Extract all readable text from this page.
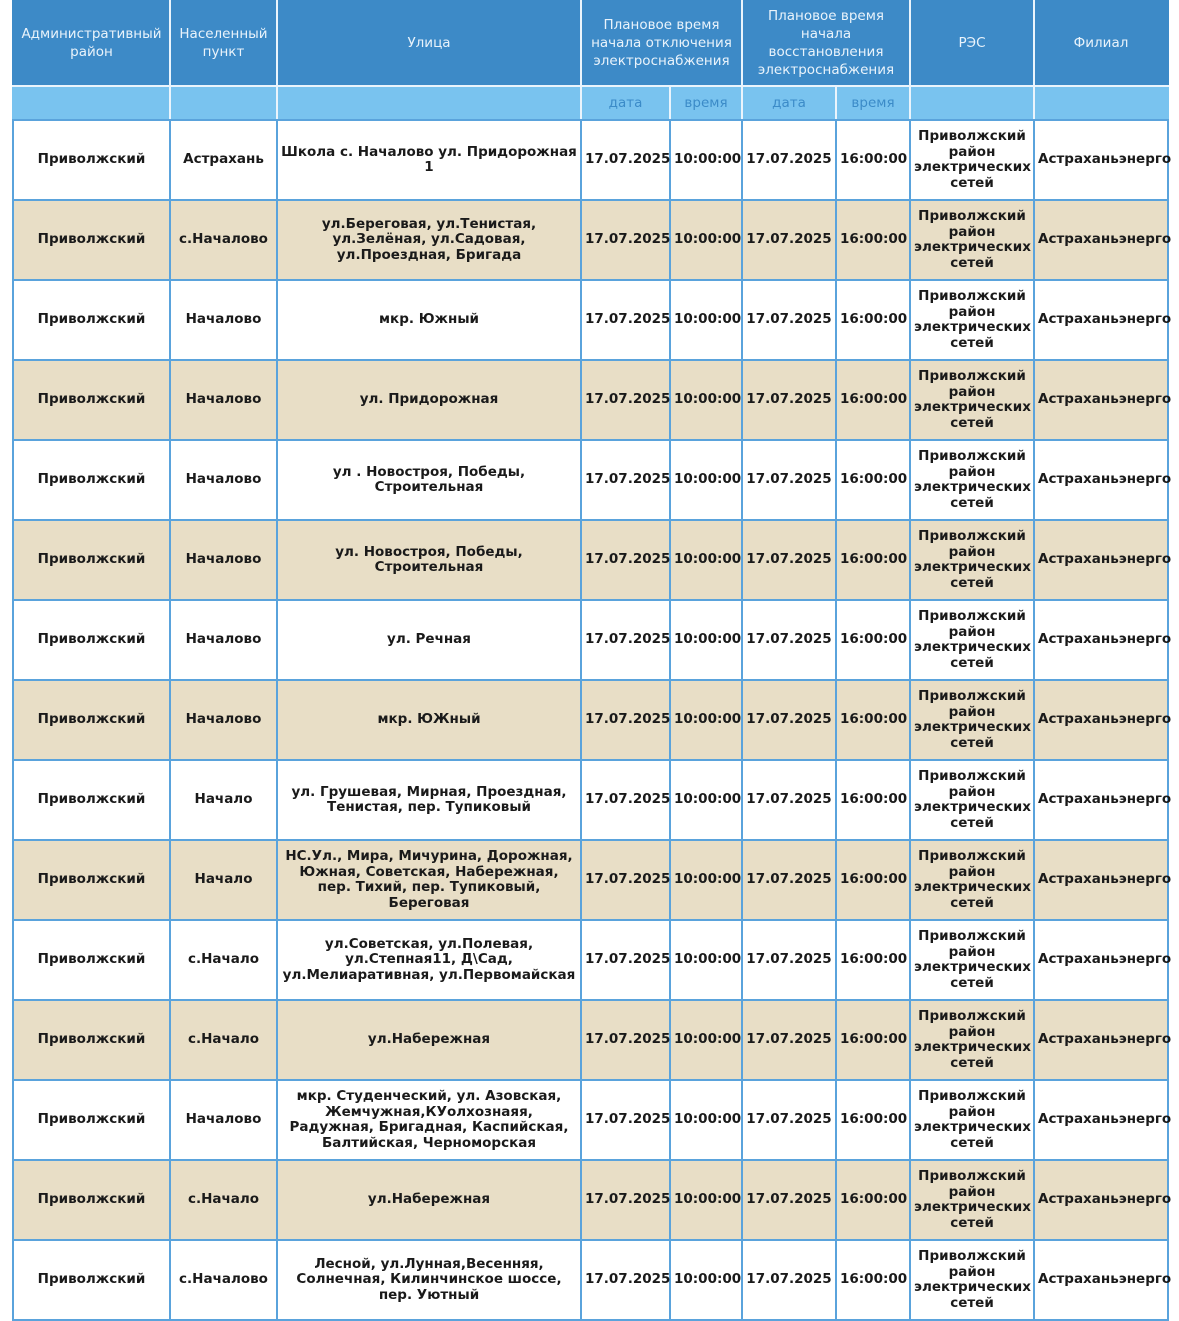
Административный район	Населенный пункт	Улица	Плановое время начала отключения электроснабжения		Плановое время начала восстановления электроснабжения		РЭС	Филиал
			дата	время	дата	время		
Приволжский	Астрахань	Школа с. Началово ул. Придорожная 1	17.07.2025	10:00:00	17.07.2025	16:00:00	Приволжский район электрических сетей	Астраханьэнерго
Приволжский	с.Началово	ул.Береговая, ул.Тенистая, ул.Зелёная, ул.Садовая, ул.Проездная, Бригада	17.07.2025	10:00:00	17.07.2025	16:00:00	Приволжский район электрических сетей	Астраханьэнерго
Приволжский	Началово	мкр. Южный	17.07.2025	10:00:00	17.07.2025	16:00:00	Приволжский район электрических сетей	Астраханьэнерго
Приволжский	Началово	ул. Придорожная	17.07.2025	10:00:00	17.07.2025	16:00:00	Приволжский район электрических сетей	Астраханьэнерго
Приволжский	Началово	ул . Новостроя, Победы, Строительная	17.07.2025	10:00:00	17.07.2025	16:00:00	Приволжский район электрических сетей	Астраханьэнерго
Приволжский	Началово	ул. Новостроя, Победы, Строительная	17.07.2025	10:00:00	17.07.2025	16:00:00	Приволжский район электрических сетей	Астраханьэнерго
Приволжский	Началово	ул. Речная	17.07.2025	10:00:00	17.07.2025	16:00:00	Приволжский район электрических сетей	Астраханьэнерго
Приволжский	Началово	мкр. ЮЖный	17.07.2025	10:00:00	17.07.2025	16:00:00	Приволжский район электрических сетей	Астраханьэнерго
Приволжский	Начало	ул. Грушевая, Мирная, Проездная, Тенистая, пер. Тупиковый	17.07.2025	10:00:00	17.07.2025	16:00:00	Приволжский район электрических сетей	Астраханьэнерго
Приволжский	Начало	НС.Ул., Мира, Мичурина, Дорожная, Южная, Советская, Набережная, пер. Тихий, пер. Тупиковый, Береговая	17.07.2025	10:00:00	17.07.2025	16:00:00	Приволжский район электрических сетей	Астраханьэнерго
Приволжский	с.Начало	ул.Советская, ул.Полевая, ул.Степная11, Д\Сад, ул.Мелиаративная, ул.Первомайская	17.07.2025	10:00:00	17.07.2025	16:00:00	Приволжский район электрических сетей	Астраханьэнерго
Приволжский	с.Начало	ул.Набережная	17.07.2025	10:00:00	17.07.2025	16:00:00	Приволжский район электрических сетей	Астраханьэнерго
Приволжский	Началово	мкр. Студенческий, ул. Азовская, Жемчужная,КУолхознаяя, Радужная, Бригадная, Каспийская, Балтийская, Черноморская	17.07.2025	10:00:00	17.07.2025	16:00:00	Приволжский район электрических сетей	Астраханьэнерго
Приволжский	с.Начало	ул.Набережная	17.07.2025	10:00:00	17.07.2025	16:00:00	Приволжский район электрических сетей	Астраханьэнерго
Приволжский	с.Началово	Лесной, ул.Лунная,Весенняя, Солнечная, Килинчинское шоссе, пер. Уютный	17.07.2025	10:00:00	17.07.2025	16:00:00	Приволжский район электрических сетей	Астраханьэнерго
